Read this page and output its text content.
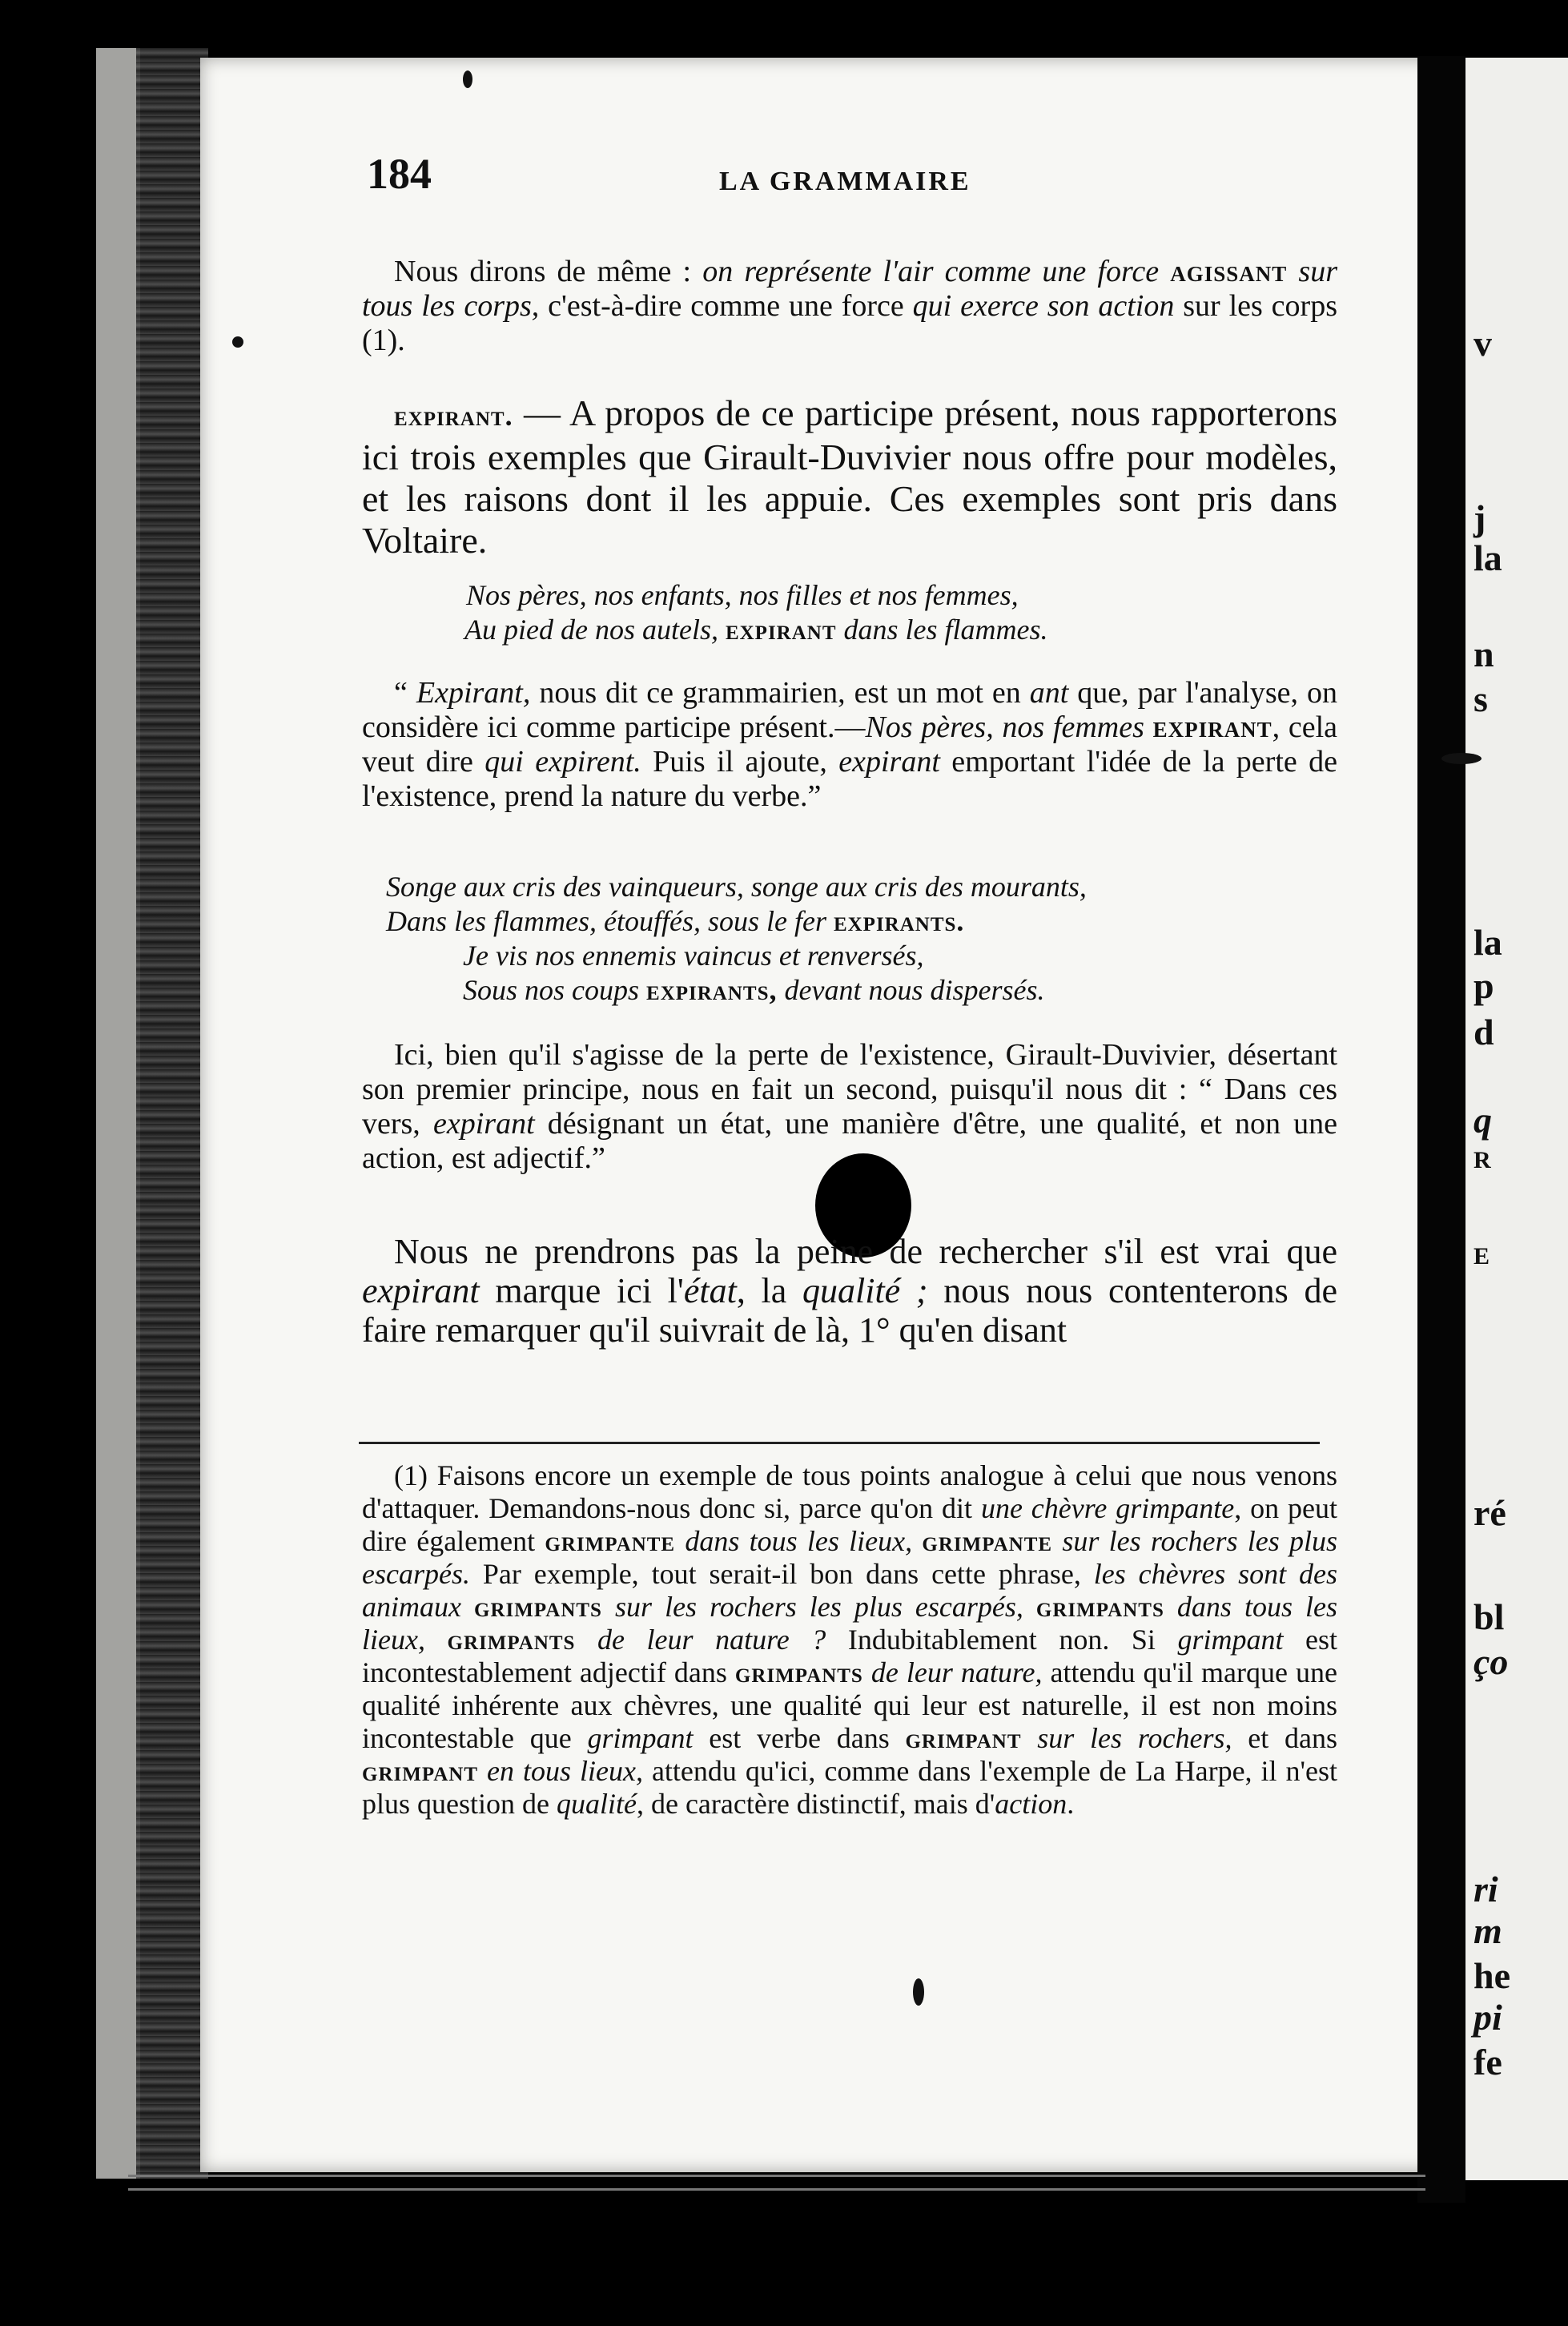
v
j
la
n
s
la
p
d
q
R
E
ré
bl
ço
ri
m
he
pi
fe
184	LA GRAMMAIRE
Nous dirons de même : on représente l'air comme une force agissant sur tous les corps, c'est-à-dire comme une force qui exerce son action sur les corps (1).
expirant. — A propos de ce participe présent, nous rapporterons ici trois exemples que Girault-Duvivier nous offre pour modèles, et les raisons dont il les appuie. Ces exemples sont pris dans Voltaire.
Nos pères, nos enfants, nos filles et nos femmes,
Au pied de nos autels, expirant dans les flammes.
“ Expirant, nous dit ce grammairien, est un mot en ant que, par l'analyse, on considère ici comme participe présent.—Nos pères, nos femmes expirant, cela veut dire qui expirent. Puis il ajoute, expirant emportant l'idée de la perte de l'existence, prend la nature du verbe.”
Songe aux cris des vainqueurs, songe aux cris des mourants,
Dans les flammes, étouffés, sous le fer expirants.
Je vis nos ennemis vaincus et renversés,
Sous nos coups expirants, devant nous dispersés.
Ici, bien qu'il s'agisse de la perte de l'existence, Girault-Duvivier, désertant son premier principe, nous en fait un second, puisqu'il nous dit : “ Dans ces vers, expirant désignant un état, une manière d'être, une qualité, et non une action, est adjectif.”
Nous ne prendrons pas la peine de rechercher s'il est vrai que expirant marque ici l'état, la qualité ; nous nous contenterons de faire remarquer qu'il suivrait de là, 1° qu'en disant
(1) Faisons encore un exemple de tous points analogue à celui que nous venons d'attaquer. Demandons-nous donc si, parce qu'on dit une chèvre grimpante, on peut dire également grimpante dans tous les lieux, grimpante sur les rochers les plus escarpés. Par exemple, tout serait-il bon dans cette phrase, les chèvres sont des animaux grimpants sur les rochers les plus escarpés, grimpants dans tous les lieux, grimpants de leur nature ? Indubitablement non. Si grimpant est incontestablement adjectif dans grimpants de leur nature, attendu qu'il marque une qualité inhérente aux chèvres, une qualité qui leur est naturelle, il est non moins incontestable que grimpant est verbe dans grimpant sur les rochers, et dans grimpant en tous lieux, attendu qu'ici, comme dans l'exemple de La Harpe, il n'est plus question de qualité, de caractère distinctif, mais d'action.
